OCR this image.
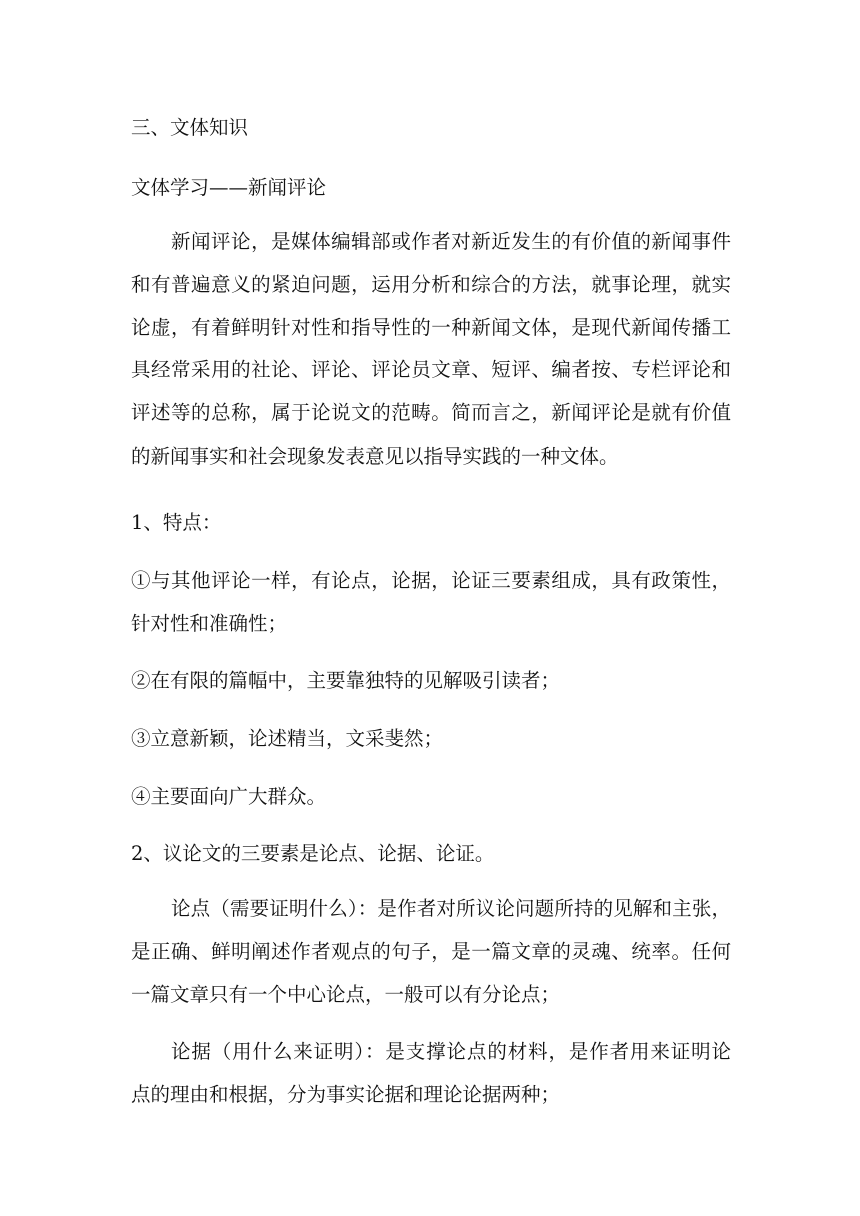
三、文体知识
文体学习——新闻评论
新闻评论，是媒体编辑部或作者对新近发生的有价值的新闻事件
和有普遍意义的紧迫问题，运用分析和综合的方法，就事论理，就实
论虚，有着鲜明针对性和指导性的一种新闻文体，是现代新闻传播工
具经常采用的社论、评论、评论员文章、短评、编者按、专栏评论和
评述等的总称，属于论说文的范畴。简而言之，新闻评论是就有价值
的新闻事实和社会现象发表意见以指导实践的一种文体。
1、特点：
①与其他评论一样，有论点，论据，论证三要素组成，具有政策性，
针对性和准确性；
②在有限的篇幅中，主要靠独特的见解吸引读者；
③立意新颖，论述精当，文采斐然；
④主要面向广大群众。
2、议论文的三要素是论点、论据、论证。
论点（需要证明什么）：是作者对所议论问题所持的见解和主张，
是正确、鲜明阐述作者观点的句子，是一篇文章的灵魂、统率。任何
一篇文章只有一个中心论点，一般可以有分论点；
论据（用什么来证明）：是支撑论点的材料，是作者用来证明论
点的理由和根据，分为事实论据和理论论据两种；
